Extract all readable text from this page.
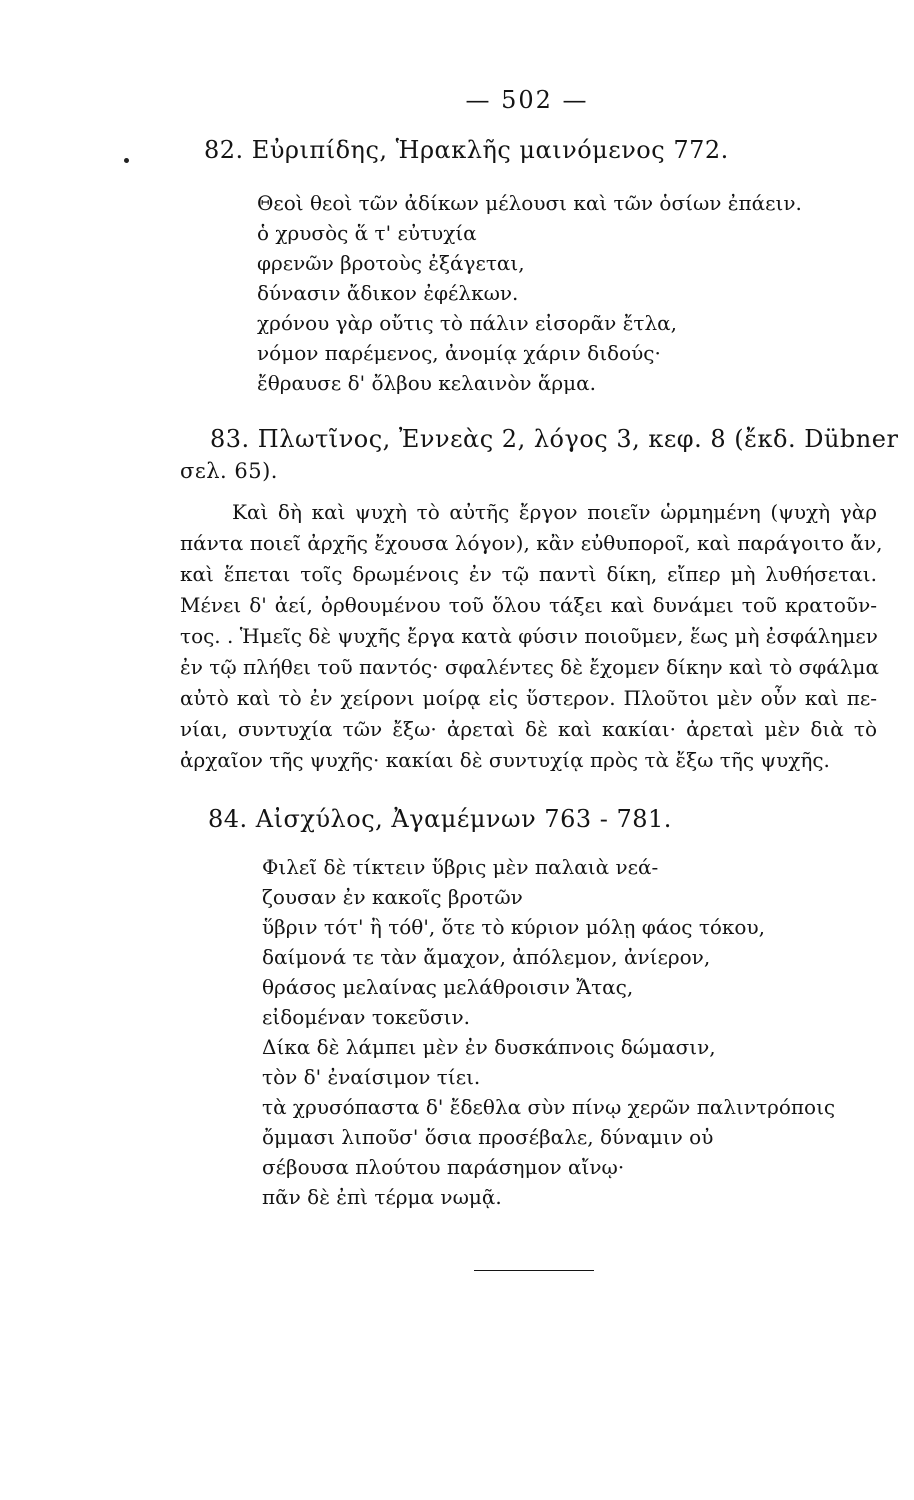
— 502 —
82. Εὐριπίδης, Ἡρακλῆς μαινόμενος 772.
Θεοὶ θεοὶ τῶν ἀδίκων μέλουσι καὶ τῶν ὁσίων ἐπάειν.
ὁ χρυσὸς ἅ τ' εὐτυχία
φρενῶν βροτοὺς ἐξάγεται,
δύνασιν ἄδικον ἐφέλκων.
χρόνου γὰρ οὔτις τὸ πάλιν εἰσορᾶν ἔτλα,
νόμον παρέμενος, ἀνομίᾳ χάριν διδούς·
ἔθραυσε δ' ὄλβου κελαινὸν ἅρμα.
83. Πλωτῖνος, Ἐννεὰς 2, λόγος 3, κεφ. 8 (ἔκδ. Dübner
σελ. 65).
Καὶ δὴ καὶ ψυχὴ τὸ αὐτῆς ἔργον ποιεῖν ὡρμημένη (ψυχὴ γὰρ
πάντα ποιεῖ ἀρχῆς ἔχουσα λόγον), κἂν εὐθυποροῖ, καὶ παράγοιτο ἄν,
καὶ ἕπεται τοῖς δρωμένοις ἐν τῷ παντὶ δίκη, εἴπερ μὴ λυθήσεται.
Μένει δ' ἀεί, ὀρθουμένου τοῦ ὅλου τάξει καὶ δυνάμει τοῦ κρατοῦν-
τος. . Ἡμεῖς δὲ ψυχῆς ἔργα κατὰ φύσιν ποιοῦμεν, ἕως μὴ ἐσφάλημεν
ἐν τῷ πλήθει τοῦ παντός· σφαλέντες δὲ ἔχομεν δίκην καὶ τὸ σφάλμα
αὐτὸ καὶ τὸ ἐν χείρονι μοίρᾳ εἰς ὕστερον. Πλοῦτοι μὲν οὖν καὶ πε-
νίαι, συντυχία τῶν ἔξω· ἀρεταὶ δὲ καὶ κακίαι· ἀρεταὶ μὲν διὰ τὸ
ἀρχαῖον τῆς ψυχῆς· κακίαι δὲ συντυχίᾳ πρὸς τὰ ἔξω τῆς ψυχῆς.
84. Αἰσχύλος, Ἀγαμέμνων 763 - 781.
Φιλεῖ δὲ τίκτειν ὕβρις μὲν παλαιὰ νεά-
ζουσαν ἐν κακοῖς βροτῶν
ὕβριν τότ' ἢ τόθ', ὅτε τὸ κύριον μόλῃ φάος τόκου,
δαίμονά τε τὰν ἄμαχον, ἀπόλεμον, ἀνίερον,
θράσος μελαίνας μελάθροισιν Ἄτας,
εἰδομέναν τοκεῦσιν.
Δίκα δὲ λάμπει μὲν ἐν δυσκάπνοις δώμασιν,
τὸν δ' ἐναίσιμον τίει.
τὰ χρυσόπαστα δ' ἔδεθλα σὺν πίνῳ χερῶν παλιντρόποις
ὄμμασι λιποῦσ' ὅσια προσέβαλε, δύναμιν οὐ
σέβουσα πλούτου παράσημον αἴνῳ·
πᾶν δὲ ἐπὶ τέρμα νωμᾷ.
